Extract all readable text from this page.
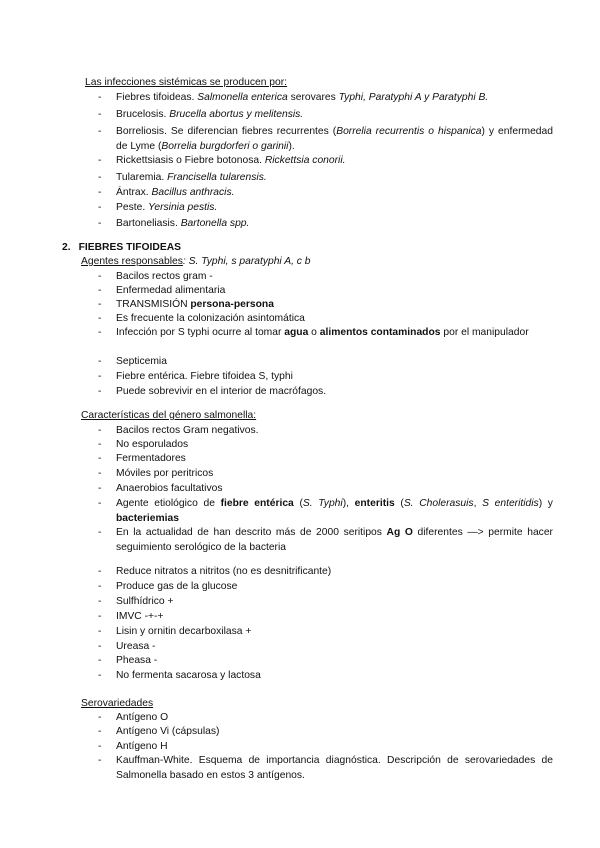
Las infecciones sistémicas se producen por:
-	Fiebres tifoideas. Salmonella enterica serovares Typhi, Paratyphi A y Paratyphi B.
-	Brucelosis. Brucella abortus y melitensis.
-	Borreliosis. Se diferencian fiebres recurrentes (Borrelia recurrentis o hispanica) y enfermedad de Lyme (Borrelia burgdorferi o garinii).
-	Rickettsiasis o Fiebre botonosa. Rickettsia conorii.
-	Tularemia. Francisella tularensis.
-	Ántrax. Bacillus anthracis.
-	Peste. Yersinia pestis.
-	Bartoneliasis. Bartonella spp.
2. FIEBRES TIFOIDEAS
Agentes responsables: S. Typhi, s paratyphi A, c b
-	Bacilos rectos gram -
-	Enfermedad alimentaria
-	TRANSMISIÓN persona-persona
-	Es frecuente la colonización asintomática
-	Infección por S typhi ocurre al tomar agua o alimentos contaminados por el manipulador
-	Septicemia
-	Fiebre entérica. Fiebre tifoidea S, typhi
-	Puede sobrevivir en el interior de macrófagos.
Características del género salmonella:
-	Bacilos rectos Gram negativos.
-	No esporulados
-	Fermentadores
-	Móviles por peritricos
-	Anaerobios facultativos
-	Agente etiológico de fiebre entérica (S. Typhi), enteritis (S. Cholerasuis, S enteritidis) y bacteriemias
-	En la actualidad de han descrito más de 2000 seritipos Ag O diferentes —> permite hacer seguimiento serológico de la bacteria
-	Reduce nitratos a nitritos (no es desnitrificante)
-	Produce gas de la glucose
-	Sulfhídrico +
-	IMVC -+-+
-	Lisin y ornitin decarboxilasa +
-	Ureasa -
-	Pheasa -
-	No fermenta sacarosa y lactosa
Serovariedades
-	Antígeno O
-	Antígeno Vi (cápsulas)
-	Antígeno H
-	Kauffman-White. Esquema de importancia diagnóstica. Descripción de serovariedades de Salmonella basado en estos 3 antígenos.
